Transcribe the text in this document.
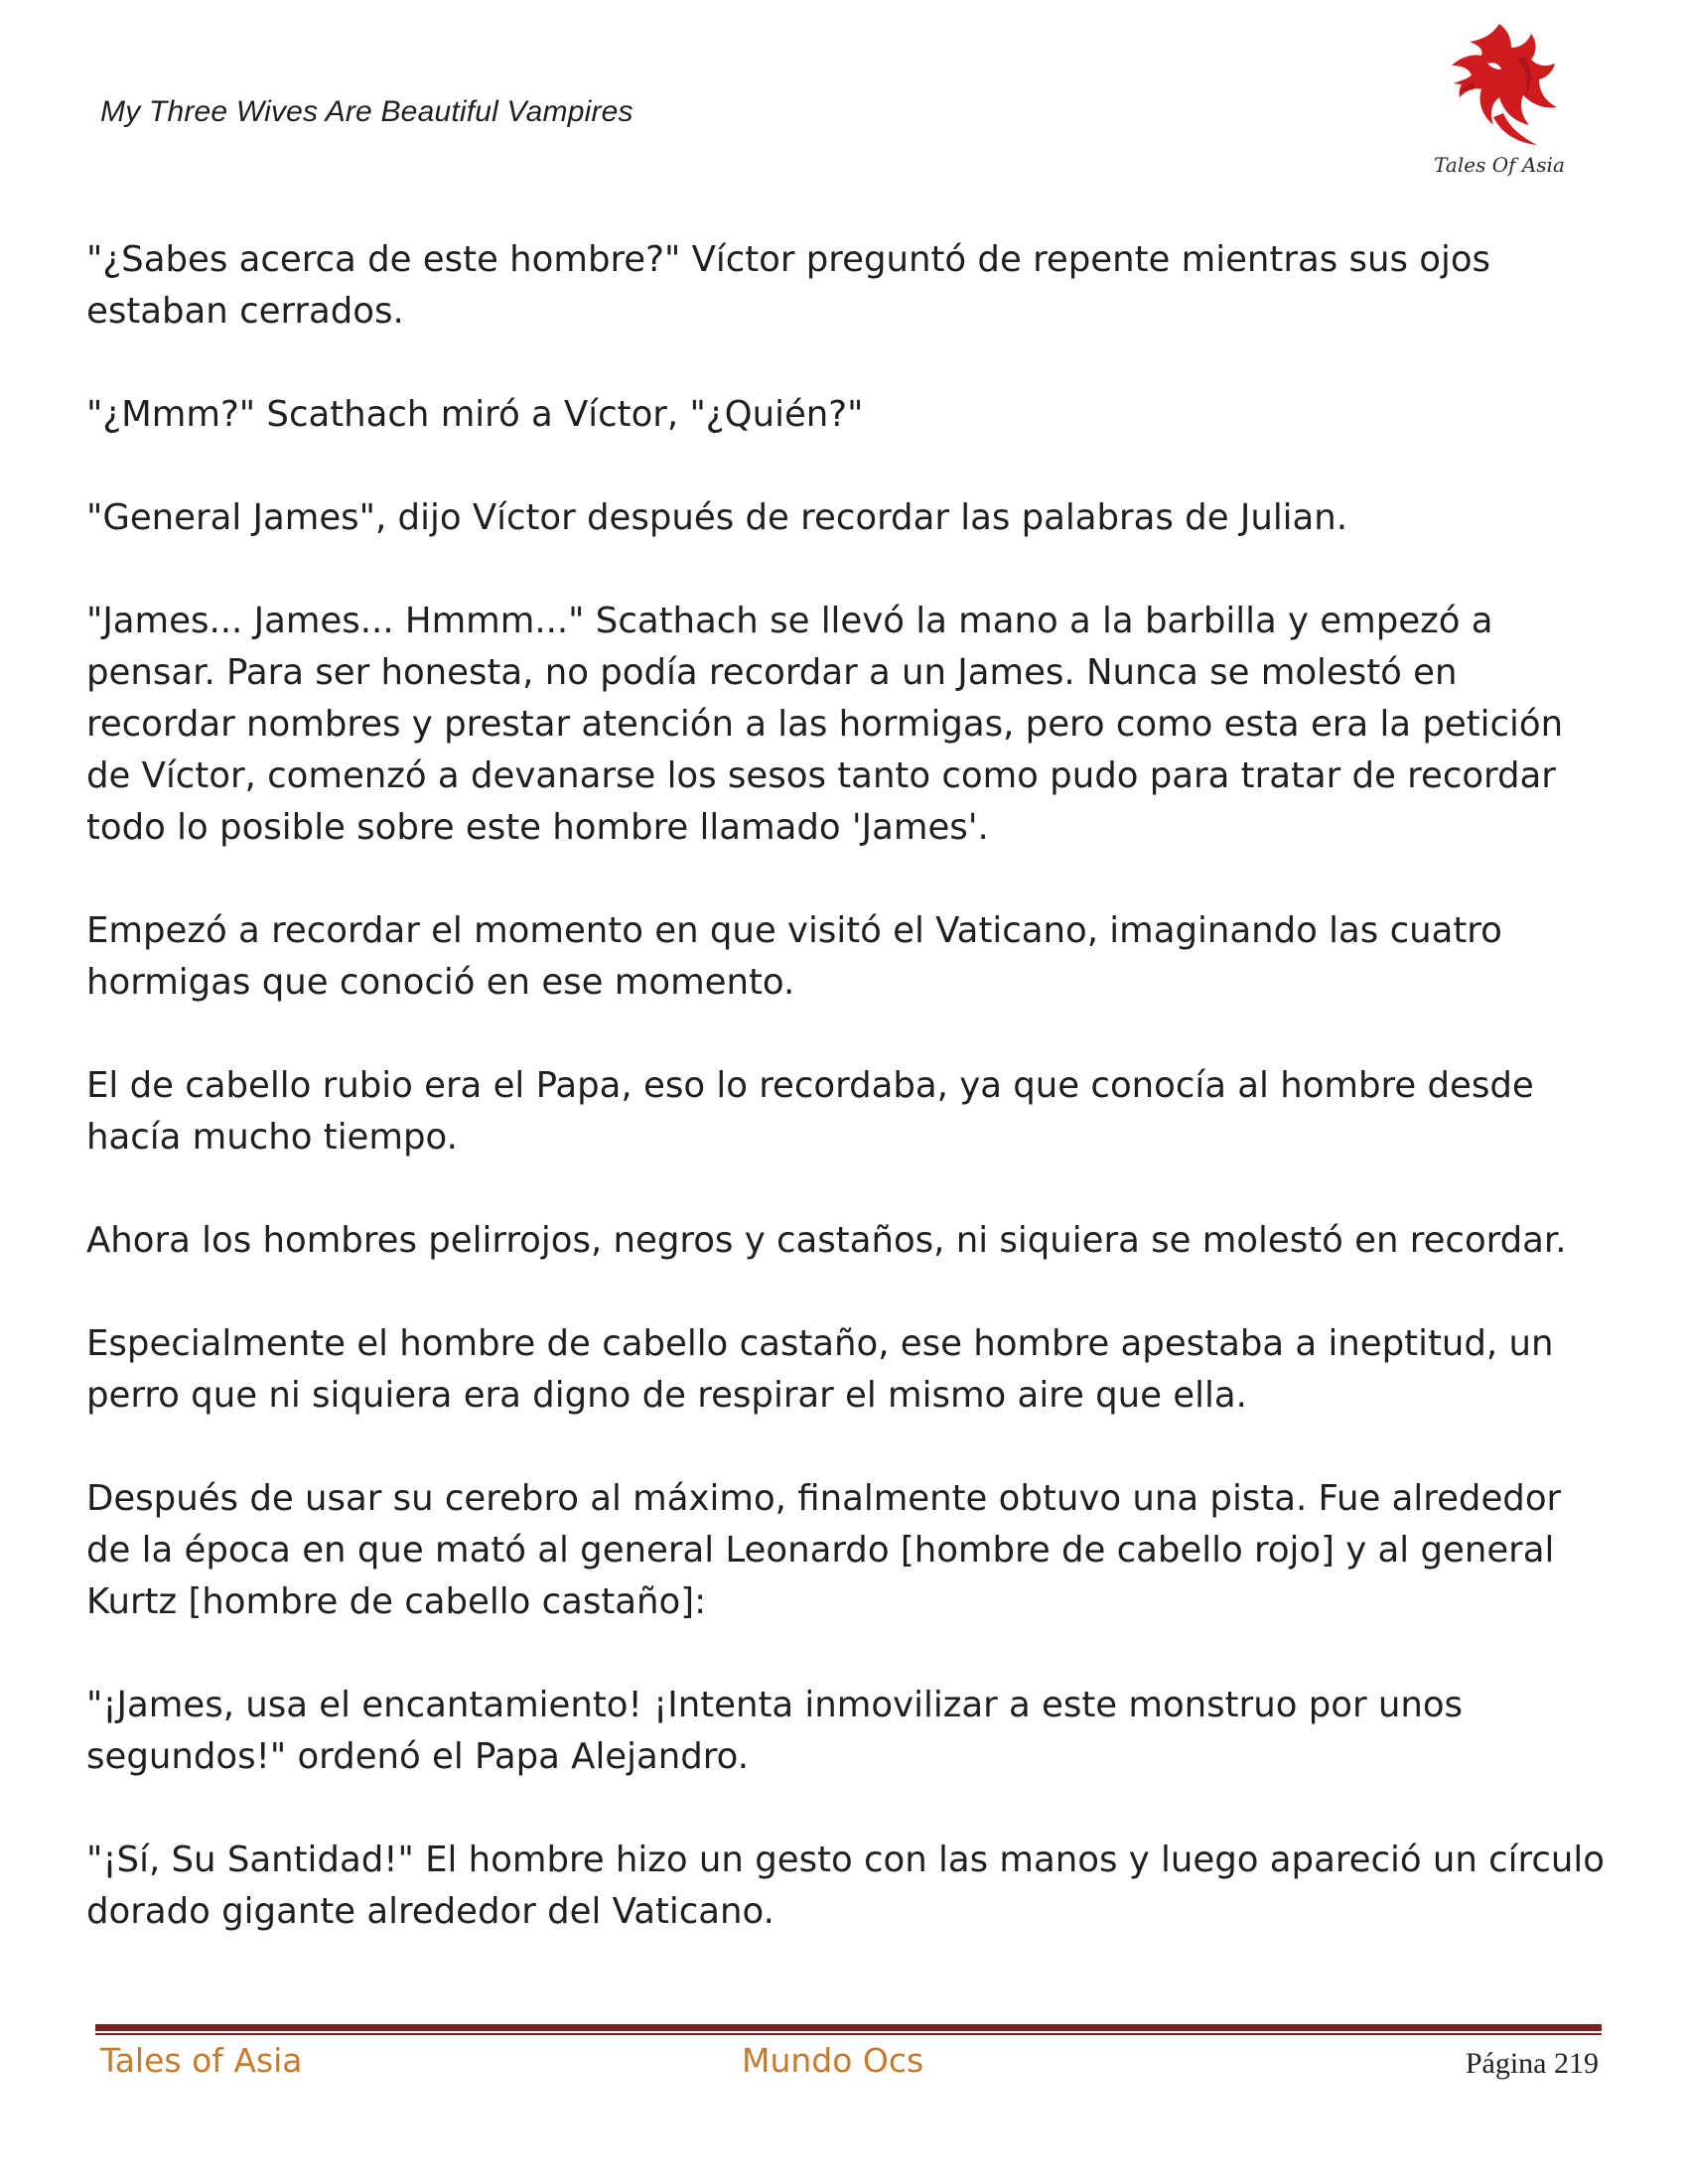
My Three Wives Are Beautiful Vampires
Tales Of Asia

"¿Sabes acerca de este hombre?" Víctor preguntó de repente mientras sus ojos estaban cerrados.

"¿Mmm?" Scathach miró a Víctor, "¿Quién?"

"General James", dijo Víctor después de recordar las palabras de Julian.

"James... James... Hmmm..." Scathach se llevó la mano a la barbilla y empezó a pensar. Para ser honesta, no podía recordar a un James. Nunca se molestó en recordar nombres y prestar atención a las hormigas, pero como esta era la petición de Víctor, comenzó a devanarse los sesos tanto como pudo para tratar de recordar todo lo posible sobre este hombre llamado 'James'.

Empezó a recordar el momento en que visitó el Vaticano, imaginando las cuatro hormigas que conoció en ese momento.

El de cabello rubio era el Papa, eso lo recordaba, ya que conocía al hombre desde hacía mucho tiempo.

Ahora los hombres pelirrojos, negros y castaños, ni siquiera se molestó en recordar.

Especialmente el hombre de cabello castaño, ese hombre apestaba a ineptitud, un perro que ni siquiera era digno de respirar el mismo aire que ella.

Después de usar su cerebro al máximo, finalmente obtuvo una pista. Fue alrededor de la época en que mató al general Leonardo [hombre de cabello rojo] y al general Kurtz [hombre de cabello castaño]:

"¡James, usa el encantamiento! ¡Intenta inmovilizar a este monstruo por unos segundos!" ordenó el Papa Alejandro.

"¡Sí, Su Santidad!" El hombre hizo un gesto con las manos y luego apareció un círculo dorado gigante alrededor del Vaticano.

Tales of Asia	Mundo Ocs	Página 219
